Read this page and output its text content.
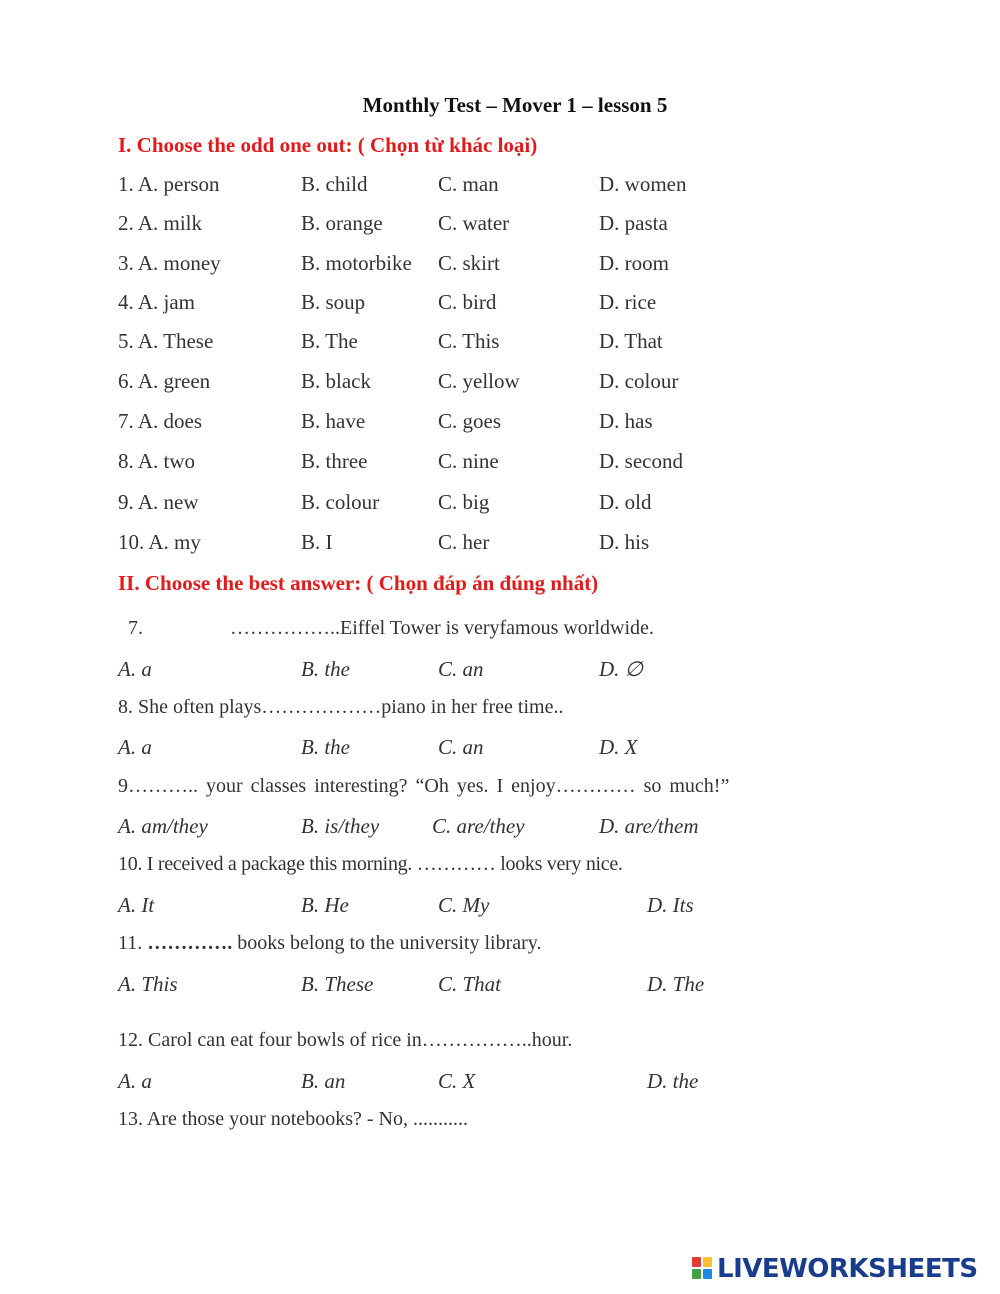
Monthly Test – Mover 1 – lesson 5
I. Choose the odd one out: ( Chọn từ khác loại)
1. A. person	B. child	C. man	D. women
2. A. milk	B. orange	C. water	D. pasta
3. A. money	B. motorbike C. skirt	D. room
4. A. jam	B. soup	C. bird	D. rice
5. A. These	B. The	C. This	D. That
6. A. green	B. black	C. yellow	D. colour
7. A. does	B. have	C. goes	D. has
8. A. two	B. three	C. nine	D. second
9. A. new	B. colour	C. big	D. old
10. A. my	B. I	C. her	D. his
II. Choose the best answer: ( Chọn đáp án đúng nhất)
7.	……………..Eiffel Tower is veryfamous worldwide.
A. a	B. the	C. an	D. ∅
8. She often plays………………piano in her free time..
A. a	B. the	C. an	D. X
9……….. your classes interesting? “Oh yes. I enjoy………… so much!”
A. am/they	B. is/they	C. are/they	D. are/them
10. I received a package this morning. ………… looks very nice.
A. It	B. He	C. My	D. Its
11. …………. books belong to the university library.
A. This	B. These	C. That	D. The
12. Carol can eat four bowls of rice in……………..hour.
A. a	B. an	C. X	D. the
13. Are those your notebooks? - No, ...........
LIVEWORKSHEETS
